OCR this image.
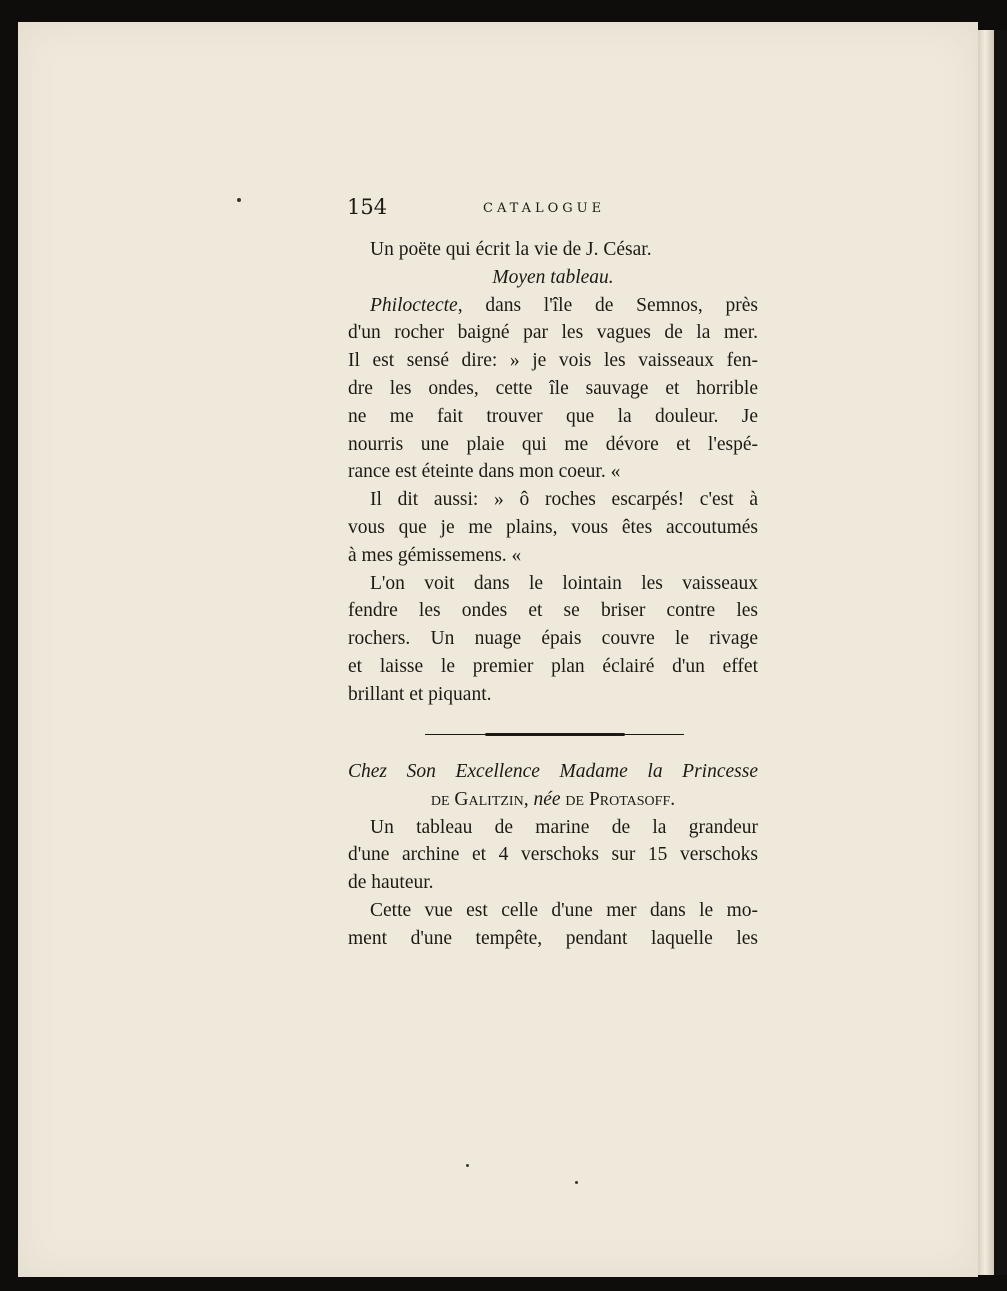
154	CATALOGUE
Un poëte qui écrit la vie de J. César.
Moyen tableau.
Philoctecte, dans l'île de Semnos, près
d'un rocher baigné par les vagues de la mer.
Il est sensé dire: » je vois les vaisseaux fen-
dre les ondes, cette île sauvage et horrible
ne me fait trouver que la douleur. Je
nourris une plaie qui me dévore et l'espé-
rance est éteinte dans mon coeur. «
Il dit aussi: » ô roches escarpés! c'est à
vous que je me plains, vous êtes accoutumés
à mes gémissemens. «
L'on voit dans le lointain les vaisseaux
fendre les ondes et se briser contre les
rochers. Un nuage épais couvre le rivage
et laisse le premier plan éclairé d'un effet
brillant et piquant.
Chez Son Excellence Madame la Princesse
de Galitzin, née de Protasoff.
Un tableau de marine de la grandeur
d'une archine et 4 verschoks sur 15 verschoks
de hauteur.
Cette vue est celle d'une mer dans le mo-
ment d'une tempête, pendant laquelle les
